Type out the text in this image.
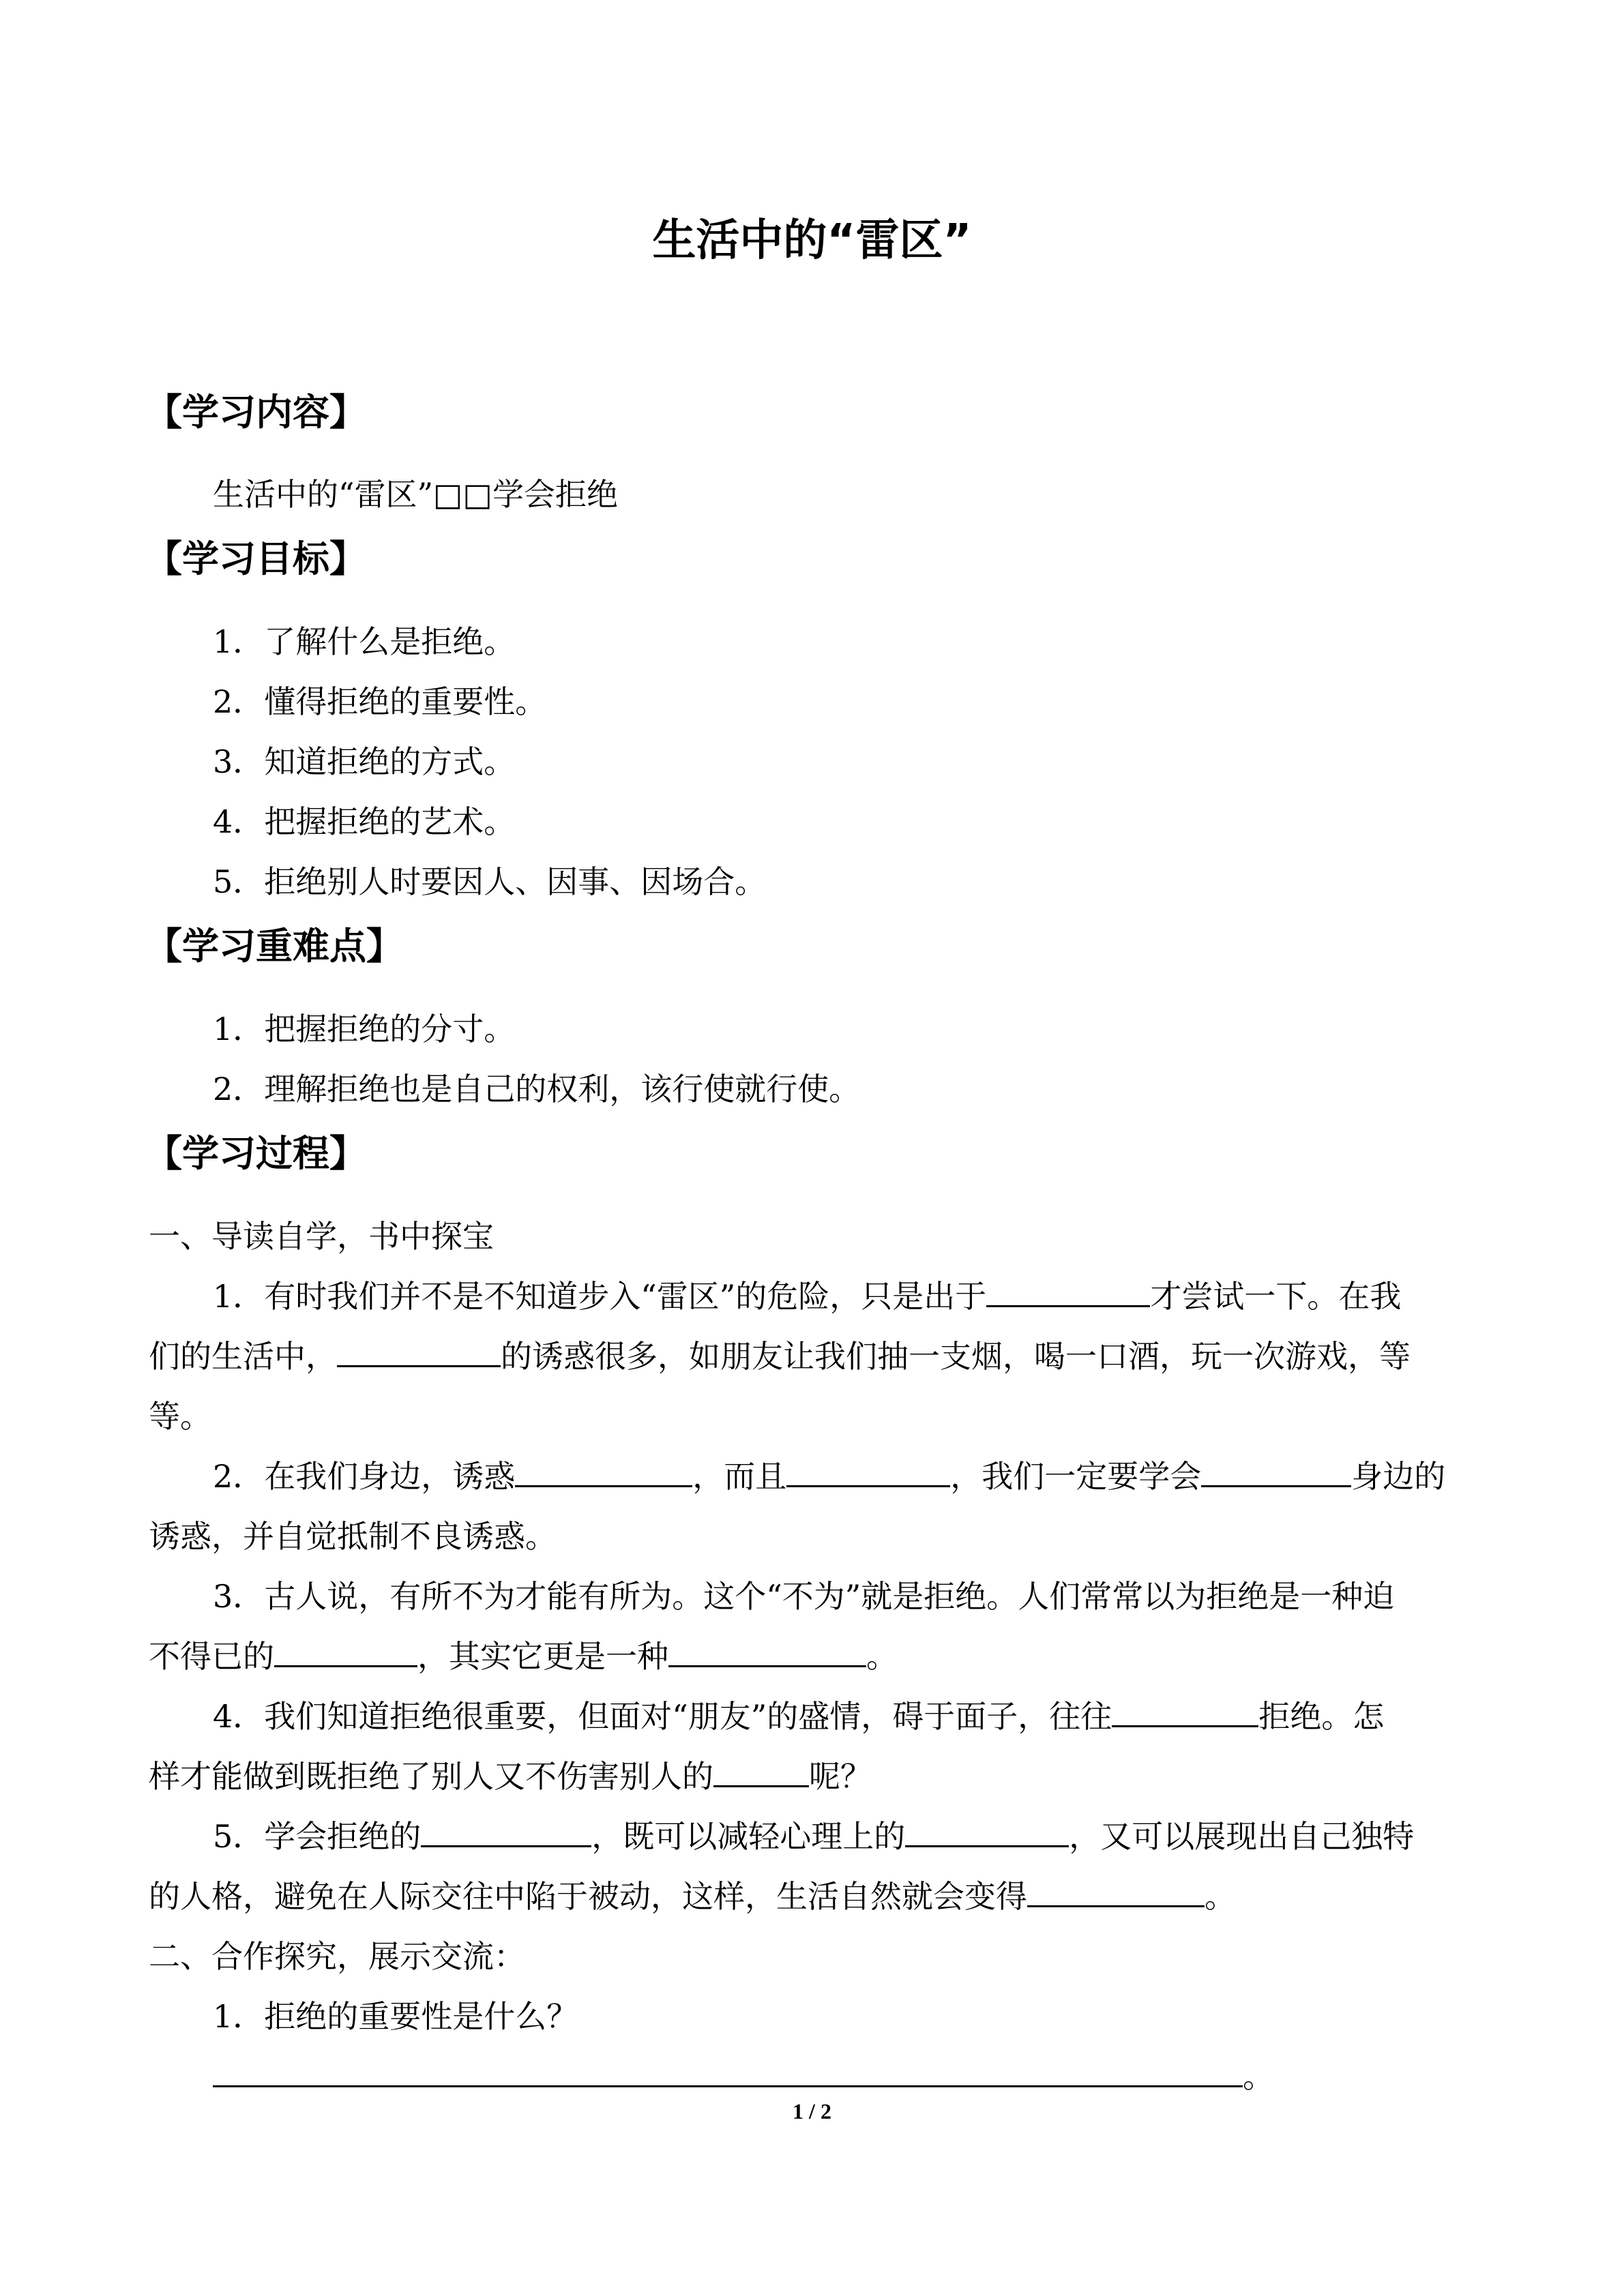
生活中的“雷区”
【学习内容】
生活中的“雷区”□□学会拒绝
【学习目标】
1．了解什么是拒绝。
2．懂得拒绝的重要性。
3．知道拒绝的方式。
4．把握拒绝的艺术。
5．拒绝别人时要因人、因事、因场合。
【学习重难点】
1．把握拒绝的分寸。
2．理解拒绝也是自己的权利，该行使就行使。
【学习过程】
一、导读自学，书中探宝
1．有时我们并不是不知道步入“雷区”的危险，只是出于	才尝试一下。在我
们的生活中，	的诱惑很多，如朋友让我们抽一支烟，喝一口酒，玩一次游戏，等
等。
2．在我们身边，诱惑	，而且	，我们一定要学会	身边的
诱惑，并自觉抵制不良诱惑。
3．古人说，有所不为才能有所为。这个“不为”就是拒绝。人们常常以为拒绝是一种迫
不得已的	，其实它更是一种	。
4．我们知道拒绝很重要，但面对“朋友”的盛情，碍于面子，往往	拒绝。怎
样才能做到既拒绝了别人又不伤害别人的	呢？
5．学会拒绝的	，既可以减轻心理上的	，又可以展现出自己独特
的人格，避免在人际交往中陷于被动，这样，生活自然就会变得	。
二、合作探究，展示交流：
1．拒绝的重要性是什么？
。
1 / 2
